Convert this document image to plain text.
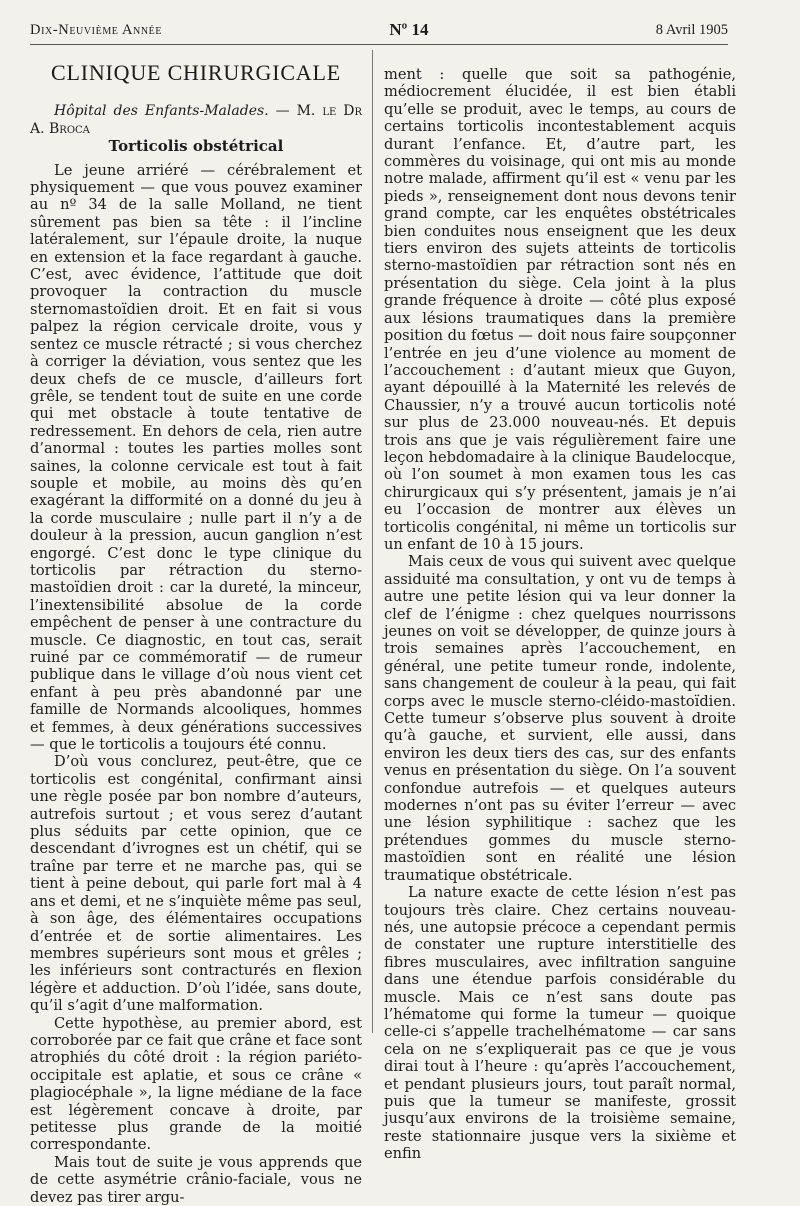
Dix-Neuvième Année	Nº 14	8 Avril 1905
CLINIQUE CHIRURGICALE

Hôpital des Enfants-Malades. — M. le Dr A. Broca

Torticolis obstétrical

Le jeune arriéré — cérébralement et physiquement — que vous pouvez examiner au nº 34 de la salle Molland, ne tient sûrement pas bien sa tête : il l’incline latéralement, sur l’épaule droite, la nuque en extension et la face regardant à gauche. C’est, avec évidence, l’attitude que doit provoquer la contraction du muscle sternomastoïdien droit. Et en fait si vous palpez la région cervicale droite, vous y sentez ce muscle rétracté ; si vous cherchez à corriger la déviation, vous sentez que les deux chefs de ce muscle, d’ailleurs fort grêle, se tendent tout de suite en une corde qui met obstacle à toute tentative de redressement. En dehors de cela, rien autre d’anormal : toutes les parties molles sont saines, la colonne cervicale est tout à fait souple et mobile, au moins dès qu’en exagérant la difformité on a donné du jeu à la corde musculaire ; nulle part il n’y a de douleur à la pression, aucun ganglion n’est engorgé. C’est donc le type clinique du torticolis par rétraction du sterno-mastoïdien droit : car la dureté, la minceur, l’inextensibilité absolue de la corde empêchent de penser à une contracture du muscle. Ce diagnostic, en tout cas, serait ruiné par ce commémoratif — de rumeur publique dans le village d’où nous vient cet enfant à peu près abandonné par une famille de Normands alcooliques, hommes et femmes, à deux générations successives — que le torticolis a toujours été connu.

D’où vous conclurez, peut-être, que ce torticolis est congénital, confirmant ainsi une règle posée par bon nombre d’auteurs, autrefois surtout ; et vous serez d’autant plus séduits par cette opinion, que ce descendant d’ivrognes est un chétif, qui se traîne par terre et ne marche pas, qui se tient à peine debout, qui parle fort mal à 4 ans et demi, et ne s’inquiète même pas seul, à son âge, des élémentaires occupations d’entrée et de sortie alimentaires. Les membres supérieurs sont mous et grêles ; les inférieurs sont contracturés en flexion légère et adduction. D’où l’idée, sans doute, qu’il s’agit d’une malformation.

Cette hypothèse, au premier abord, est corroborée par ce fait que crâne et face sont atrophiés du côté droit : la région pariéto-occipitale est aplatie, et sous ce crâne « plagiocéphale », la ligne médiane de la face est légèrement concave à droite, par petitesse plus grande de la moitié correspondante.

Mais tout de suite je vous apprends que de cette asymétrie crânio-faciale, vous ne devez pas tirer argu-

ment : quelle que soit sa pathogénie, médiocrement élucidée, il est bien établi qu’elle se produit, avec le temps, au cours de certains torticolis incontestablement acquis durant l’enfance. Et, d’autre part, les commères du voisinage, qui ont mis au monde notre malade, affirment qu’il est « venu par les pieds », renseignement dont nous devons tenir grand compte, car les enquêtes obstétricales bien conduites nous enseignent que les deux tiers environ des sujets atteints de torticolis sterno-mastoïdien par rétraction sont nés en présentation du siège. Cela joint à la plus grande fréquence à droite — côté plus exposé aux lésions traumatiques dans la première position du fœtus — doit nous faire soupçonner l’entrée en jeu d’une violence au moment de l’accouchement : d’autant mieux que Guyon, ayant dépouillé à la Maternité les relevés de Chaussier, n’y a trouvé aucun torticolis noté sur plus de 23.000 nouveau-nés. Et depuis trois ans que je vais régulièrement faire une leçon hebdomadaire à la clinique Baudelocque, où l’on soumet à mon examen tous les cas chirurgicaux qui s’y présentent, jamais je n’ai eu l’occasion de montrer aux élèves un torticolis congénital, ni même un torticolis sur un enfant de 10 à 15 jours.

Mais ceux de vous qui suivent avec quelque assiduité ma consultation, y ont vu de temps à autre une petite lésion qui va leur donner la clef de l’énigme : chez quelques nourrissons jeunes on voit se développer, de quinze jours à trois semaines après l’accouchement, en général, une petite tumeur ronde, indolente, sans changement de couleur à la peau, qui fait corps avec le muscle sterno-cléido-mastoïdien. Cette tumeur s’observe plus souvent à droite qu’à gauche, et survient, elle aussi, dans environ les deux tiers des cas, sur des enfants venus en présentation du siège. On l’a souvent confondue autrefois — et quelques auteurs modernes n’ont pas su éviter l’erreur — avec une lésion syphilitique : sachez que les prétendues gommes du muscle sterno-mastoïdien sont en réalité une lésion traumatique obstétricale.

La nature exacte de cette lésion n’est pas toujours très claire. Chez certains nouveau-nés, une autopsie précoce a cependant permis de constater une rupture interstitielle des fibres musculaires, avec infiltration sanguine dans une étendue parfois considérable du muscle. Mais ce n’est sans doute pas l’hématome qui forme la tumeur — quoique celle-ci s’appelle trachelhématome — car sans cela on ne s’expliquerait pas ce que je vous dirai tout à l’heure : qu’après l’accouchement, et pendant plusieurs jours, tout paraît normal, puis que la tumeur se manifeste, grossit jusqu’aux environs de la troisième semaine, reste stationnaire jusque vers la sixième et enfin
